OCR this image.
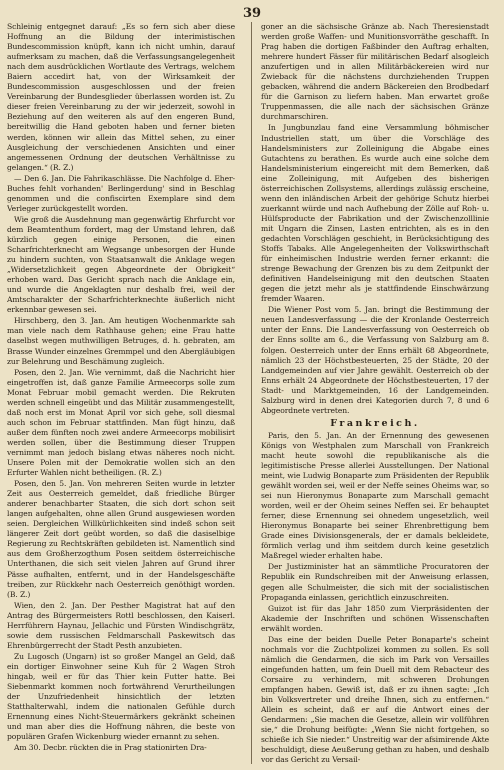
39

Schleinig entgegnet darauf: „Es so fern sich aber diese Hoffnung an die Bildung der interimistischen Bundescommission knüpft, kann ich nicht umhin, darauf aufmerksam zu machen, daß die Verfassungsangelegenheit nach dem ausdrücklichen Wortlaute des Vertrags, welchem Baiern accedirt hat, von der Wirksamkeit der Bundescommission ausgeschlossen und der freien Vereinbarung der Bundesglieder überlassen worden ist. Zu dieser freien Vereinbarung zu der wir jederzeit, sowohl in Beziehung auf den weiteren als auf den engeren Bund, bereitwillig die Hand geboten haben und ferner bieten werden, können wir allein das Mittel sehen, zu einer Ausgleichung der verschiedenen Ansichten und einer angemessenen Ordnung der deutschen Verhältnisse zu gelangen.“ (R. Z.)

— Den 6. Jan. Die Fahrikaschlässe. Die Nachfolge d. Eher-Buches fehlt vorhanden' Berlingerdung' sind in Beschlag genommen und die confiscirten Exemplare sind dem Verleger zurückgestellt worden.

Wie groß die Ausdehnung man gegenwärtig Ehrfurcht vor dem Beamtenthum fordert, mag der Umstand lehren, daß kürzlich gegen einige Personen, die einen Scharfrichterknecht am Wegsange unbesorgen der Hunde zu hindern suchten, von Staatsanwalt die Anklage wegen „Widersetzlichkeit gegen Abgeordnete der Obrigkeit“ erhoben ward. Das Gericht sprach nach die Anklage ein, und wurde die Angeklagten nur deshalb frei, weil der Amtscharakter der Scharfrichterknechte äußerlich nicht erkennbar gewesen sei.

Hirschberg, den 3. Jan. Am heutigen Wochenmarkte sah man viele nach dem Rathhause gehen; eine Frau hatte daselbst wegen muthwilligen Betruges, d. h. gebraten, am Brasse Wunder einzelnes Gremmpel und den Abergläubigen zur Belehrung und Beschämung zugleich.

Posen, den 2. Jan. Wie vernimmt, daß die Nachricht hier eingetroffen ist, daß ganze Familie Armeecorps solle zum Monat Februar mobil gemacht werden. Die Rekruten werden schnell eingeübt und das Militär zusammengestellt, daß noch erst im Monat April vor sich gehe, soll diesmal auch schon im Februar stattfinden. Man fügt hinzu, daß außer dem fünften noch zwei andere Armeecorps mobilisirt werden sollen, über die Bestimmung dieser Truppen vernimmt man jedoch bislang etwas näheres noch nicht. Unsere Polen mit der Demokratie wollen sich an den Erfurter Wahlen nicht betheiligen. (R. Z.)

Posen, den 5. Jan. Von mehreren Seiten wurde in letzter Zeit aus Oesterreich gemeldet, daß friedliche Bürger anderer benachbarter Staaten, die sich dort schon seit langen aufgehalten, ohne allen Grund ausgewiesen worden seien. Dergleichen Willkürlichkeiten sind indeß schon seit längerer Zeit dort geübt worden, so daß die dasiselbige Regierung zu Rechtskräften gebildeten ist. Namentlich sind aus dem Großherzogthum Posen seitdem österreichische Unterthanen, die sich seit vielen Jahren auf Grund ihrer Pässe aufhalten, entfernt, und in der Handelsgeschäfte treiben, zur Rückkehr nach Oesterreich genöthigt worden. (B. Z.)

Wien, den 2. Jan. Der Pesther Magistrat hat auf den Antrag des Bürgermeisters Rottl beschlossen, den Kaiserl. Herrführern Haynau, Jellachic und Fürsten Windischgrätz, sowie dem russischen Feldmarschall Paskewitsch das Ehrenbürgerrecht der Stadt Pesth anzubieten.

Zu Lugosch (Ungarn) ist so großer Mangel an Geld, daß ein dortiger Einwohner seine Kuh für 2 Wagen Stroh hingab, weil er für das Thier kein Futter hatte. Bei Siebenmarkt kommen noch fortwährend Verurtheilungen der Unzufriedenheit hinsichtlich der letzten Statthalterwahl, indem die nationalen Gefühle durch Ernennung eines Nicht-Steuermärkers gekränkt scheinen und man aber dies die Hoffnung nähren, die beste von populären Grafen Wickenburg wieder ernannt zu sehen.

Am 30. Decbr. rückten die in Prag stationirten Dra-

goner an die sächsische Gränze ab. Nach Theresienstadt werden große Waffen- und Munitionsvorräthe geschafft. In Prag haben die dortigen Faßbinder den Auftrag erhalten, mehrere hundert Fässer für militärischen Bedarf alsogleich anzufertigen und in allen Militärbäckereien wird nur Zwieback für die nächstens durchziehenden Truppen gebacken, während die andern Bäckereien den Brodbedarf für die Garnison zu liefern haben. Man erwartet große Truppenmassen, die alle nach der sächsischen Gränze durchmarschiren.

In Jungbunzlau fand eine Versammlung böhmischer Industriellen statt, um über die Vorschläge des Handelsministers zur Zolleinigung die Abgabe eines Gutachtens zu berathen. Es wurde auch eine solche dem Handelsministerium eingereicht mit dem Bemerken, daß eine Zolleinigung, mit Aufgeben des bisherigen österreichischen Zollsystems, allerdings zulässig erscheine, wenn den inländischen Arbeit der gehörige Schutz hierbei zuerkannt würde und nach Aufhebung der Zölle auf Roh- u. Hülfsproducte der Fabrikation und der Zwischenzolllinie mit Ungarn die Zinsen, Lasten entrichten, als es in den gedachten Vorschlägen geschieht, in Berücksichtigung des Stoffs Tabaks. Alle Angelegenheiten der Volkswirthschaft für einheimischen Industrie werden ferner erkannt: die strenge Bewachung der Grenzen bis zu dem Zeitpunkt der definitiven Handelseinigung mit den deutschen Staaten gegen die jetzt mehr als je stattfindende Einschwärzung fremder Waaren.

Die Wiener Post vom 5. Jan. bringt die Bestimmung der neuen Landesverfassung — die der Kronlande Oesterreich unter der Enns. Die Landesverfassung von Oesterreich ob der Enns sollte am 6., die Verfassung von Salzburg am 8. folgen. Oesterreich unter der Enns erhält 68 Abgeordnete, nämlich 23 der Höchstbesteuerten, 25 der Städte, 20 der Landgemeinden auf vier Jahre gewählt. Oesterreich ob der Enns erhält 24 Abgeordnete der Höchstbesteuerten, 17 der Stadt- und Marktgemeinden, 16 der Landgemeinden. Salzburg wird in denen drei Kategorien durch 7, 8 und 6 Abgeordnete vertreten.

Frankreich.

Paris, den 5. Jan. An der Ernennung des gewesenen Königs von Westphalen zum Marschall von Frankreich macht heute sowohl die republikanische als die legitimistische Presse allerlei Ausstellungen. Der National meint, wie Ludwig Bonaparte zum Präsidenten der Republik gewählt worden sei, weil er der Neffe seines Oheims war, so sei nun Hieronymus Bonaparte zum Marschall gemacht worden, weil er der Oheim seines Neffen sei. Er behauptet ferner, diese Ernennung sei ohnedem ungesetzlich, weil Hieronymus Bonaparte bei seiner Ehrenbrettigung bem Grade eines Divisionsgenerals, der er damals bekleidete, förmlich verlag und ihm seitdem durch keine gesetzlich Maßregel wieder erhalten habe.

Der Justizminister hat an sämmtliche Procuratoren der Republik ein Rundschreiben mit der Anweisung erlassen, gegen alle Schulmeister, die sich mit der socialistischen Propaganda einlassen, gerichtlich einzuschreiten.

Guizot ist für das Jahr 1850 zum Vierpräsidenten der Akademie der Inschriften und schönen Wissenschaften erwählt worden.

Das eine der beiden Duelle Peter Bonaparte's scheint nochmals vor die Zuchtpolizei kommen zu sollen. Es soll nämlich die Gendarmen, die sich im Park von Versailles eingefunden hatten, um fein Duell mit dem Rebacteur des Corsaire zu verhindern, mit schweren Drohungen empfangen haben. Gewiß ist, daß er zu ihnen sagte: „Ich bin Volksvertreter und dreihe Ihnen, sich zu entfernen.“ Allein es scheint, daß er auf die Antwort eines der Gendarmen: „Sie machen die Gesetze, allein wir vollführen sie,“ die Drohung beifügte: „Wenn Sie nicht fortgehen, so schieße ich Sie nieder.“ Unstreitig war der afsimirende Akte beschuldigt, diese Aeußerung gethan zu haben, und deshalb vor das Gericht zu Versail-
